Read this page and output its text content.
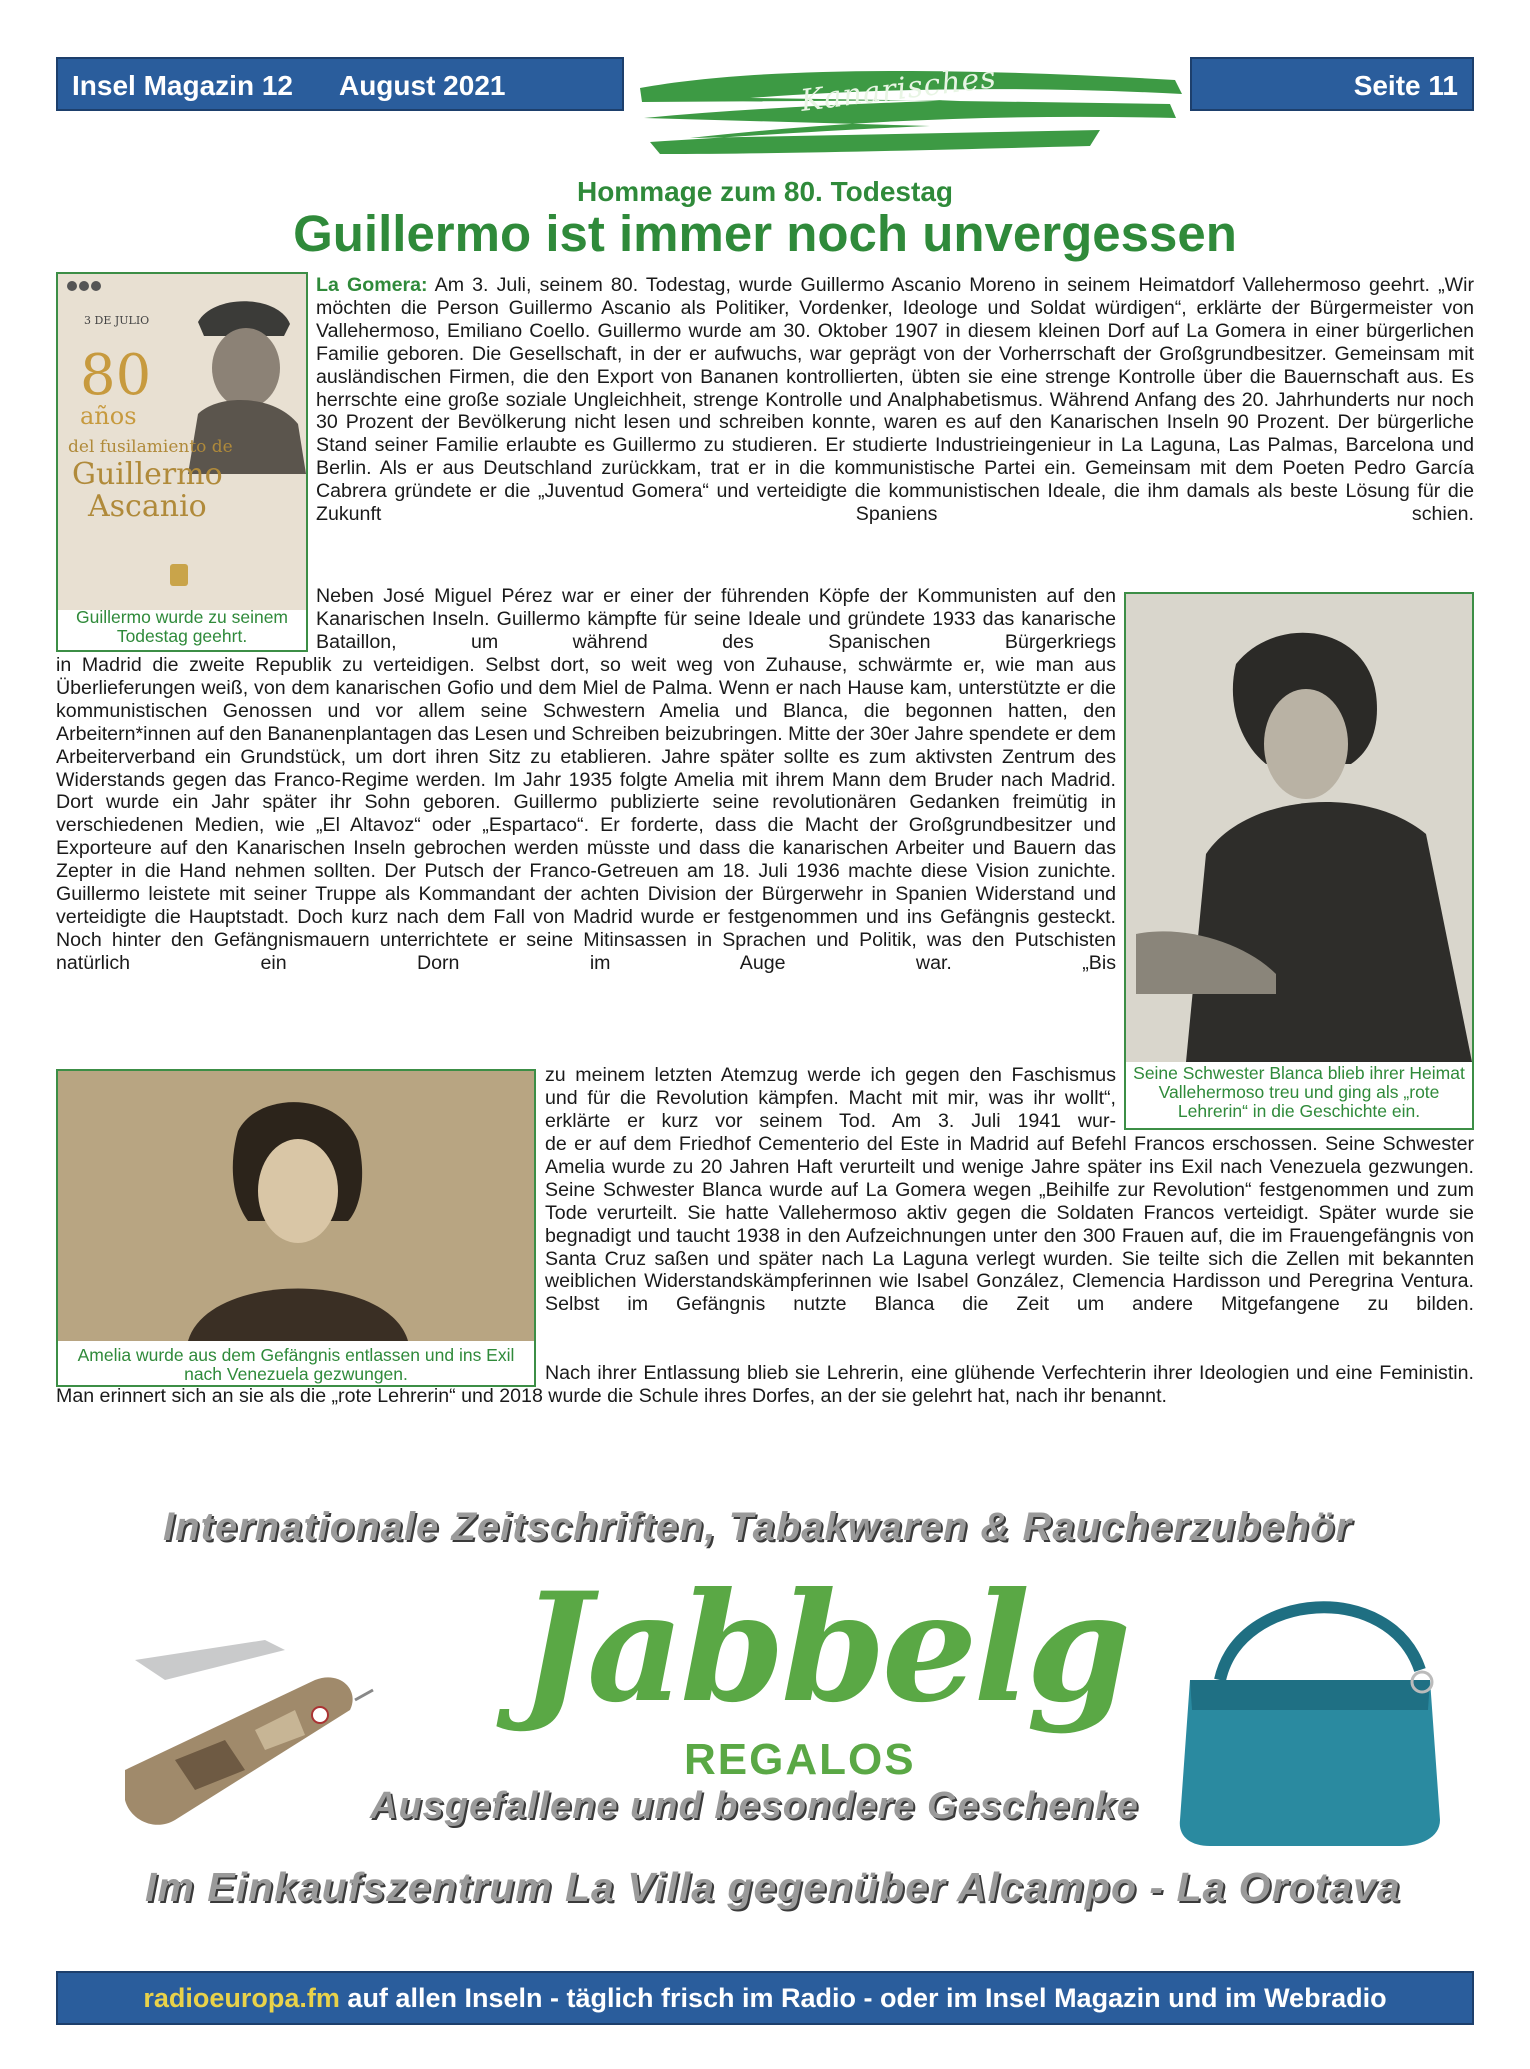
Insel Magazin 12 August 2021	Kanarisches	Seite 11
Hommage zum 80. Todestag
Guillermo ist immer noch unvergessen
80
años
del fusilamiento de
Guillermo
Ascanio
3 DE JULIO
Guillermo wurde zu seinem Todestag geehrt.
La Gomera: Am 3. Juli, seinem 80. Todestag, wurde Guillermo Ascanio Moreno in seinem Heimatdorf Vallehermoso geehrt. „Wir möchten die Person Guillermo Ascanio als Politiker, Vordenker, Ideologe und Soldat würdigen“, erklärte der Bürgermeister von Vallehermoso, Emiliano Coello. Guillermo wurde am 30. Oktober 1907 in diesem kleinen Dorf auf La Gomera in einer bürgerlichen Familie geboren. Die Gesellschaft, in der er aufwuchs, war geprägt von der Vorherrschaft der Großgrundbesitzer. Gemeinsam mit ausländischen Firmen, die den Export von Bananen kontrollierten, übten sie eine strenge Kontrolle über die Bauernschaft aus. Es herrschte eine große soziale Ungleichheit, strenge Kontrolle und Analphabetismus. Während Anfang des 20. Jahrhunderts nur noch 30 Prozent der Bevölkerung nicht lesen und schreiben konnte, waren es auf den Kanarischen Inseln 90 Prozent. Der bürgerliche Stand seiner Familie erlaubte es Guillermo zu studieren. Er studierte Industrieingenieur in La Laguna, Las Palmas, Barcelona und Berlin. Als er aus Deutschland zurückkam, trat er in die kommunistische Partei ein. Gemeinsam mit dem Poeten Pedro García Cabrera gründete er die „Juventud Gomera“ und verteidigte die kommunistischen Ideale, die ihm damals als beste Lösung für die Zukunft Spaniens schien.
Neben José Miguel Pérez war er einer der führenden Köpfe der Kommunisten auf den Kanarischen Inseln. Guillermo kämpfte für seine Ideale und gründete 1933 das kanarische Bataillon, um während des Spanischen Bürgerkriegs
Seine Schwester Blanca blieb ihrer Heimat Vallehermoso treu und ging als „rote Lehrerin“ in die Geschichte ein.
in Madrid die zweite Republik zu verteidigen. Selbst dort, so weit weg von Zuhause, schwärmte er, wie man aus Überlieferungen weiß, von dem kanarischen Gofio und dem Miel de Palma. Wenn er nach Hause kam, unterstützte er die kommunistischen Genossen und vor allem seine Schwestern Amelia und Blanca, die begonnen hatten, den Arbeitern*innen auf den Bananenplantagen das Lesen und Schreiben beizubringen. Mitte der 30er Jahre spendete er dem Arbeiterverband ein Grundstück, um dort ihren Sitz zu etablieren. Jahre später sollte es zum aktivsten Zentrum des Widerstands gegen das Franco-Regime werden. Im Jahr 1935 folgte Amelia mit ihrem Mann dem Bruder nach Madrid. Dort wurde ein Jahr später ihr Sohn geboren. Guillermo publizierte seine revolutionären Gedanken freimütig in verschiedenen Medien, wie „El Altavoz“ oder „Espartaco“. Er forderte, dass die Macht der Großgrundbesitzer und Exporteure auf den Kanarischen Inseln gebrochen werden müsste und dass die kanarischen Arbeiter und Bauern das Zepter in die Hand nehmen sollten. Der Putsch der Franco-Getreuen am 18. Juli 1936 machte diese Vision zunichte. Guillermo leistete mit seiner Truppe als Kommandant der achten Division der Bürgerwehr in Spanien Widerstand und verteidigte die Hauptstadt. Doch kurz nach dem Fall von Madrid wurde er festgenommen und ins Gefängnis gesteckt. Noch hinter den Gefängnismauern unterrichtete er seine Mitinsassen in Sprachen und Politik, was den Putschisten natürlich ein Dorn im Auge war. „Bis
Amelia wurde aus dem Gefängnis entlassen und ins Exil nach Venezuela gezwungen.
zu meinem letzten Atemzug werde ich gegen den Faschismus und für die Revolution kämpfen. Macht mit mir, was ihr wollt“, erklärte er kurz vor seinem Tod. Am 3. Juli 1941 wur-
de er auf dem Friedhof Cementerio del Este in Madrid auf Befehl Francos erschossen. Seine Schwester Amelia wurde zu 20 Jahren Haft verurteilt und wenige Jahre später ins Exil nach Venezuela gezwungen. Seine Schwester Blanca wurde auf La Gomera wegen „Beihilfe zur Revolution“ festgenommen und zum Tode verurteilt. Sie hatte Vallehermoso aktiv gegen die Soldaten Francos verteidigt. Später wurde sie begnadigt und taucht 1938 in den Aufzeichnungen unter den 300 Frauen auf, die im Frauengefängnis von Santa Cruz saßen und später nach La Laguna verlegt wurden. Sie teilte sich die Zellen mit bekannten weiblichen Widerstandskämpferinnen wie Isabel González, Clemencia Hardisson und Peregrina Ventura. Selbst im Gefängnis nutzte Blanca die Zeit um andere Mitgefangene zu bilden.
Nach ihrer Entlassung blieb sie Lehrerin, eine glühende Verfechterin ihrer Ideologien und eine Feministin. Man erinnert sich an sie als die „rote Lehrerin“ und 2018 wurde die Schule ihres Dorfes, an der sie gelehrt hat, nach ihr benannt.
Internationale Zeitschriften, Tabakwaren & Raucherzubehör
Jabbelg
REGALOS
Ausgefallene und besondere Geschenke
Im Einkaufszentrum La Villa gegenüber Alcampo - La Orotava
radioeuropa.fm auf allen Inseln - täglich frisch im Radio - oder im Insel Magazin und im Webradio
